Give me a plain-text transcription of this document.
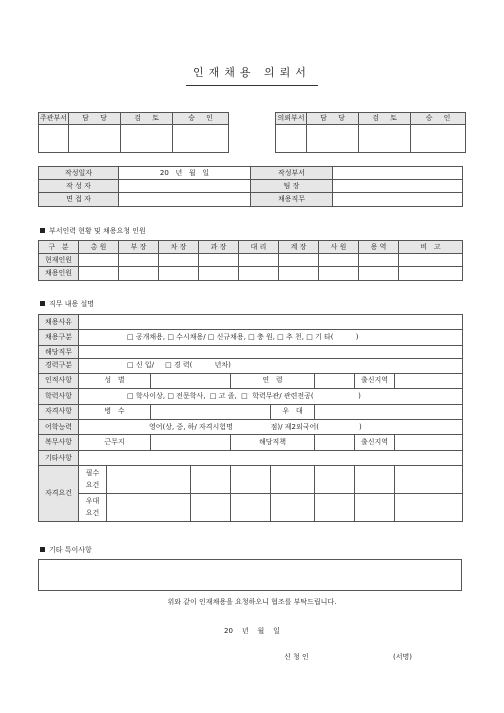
인재채용 의뢰서
주관부서	담 당	검 토	승 인
				의뢰부서	담 당	검 토	승 인

작성일자	20   년   월   일	작성부서	
작 성 자		팀 장	
면 접 자		채용직무	
부서인력 현황 및 채용요청 인원
구   분	총 원	부 장	차 장	과 장	대 리	계 장	사 원	용 역	비   고
현재인원									
채용인원									
직무 내용 설명
채용사유									
채용구분	□ 공개채용, □ 수시채용/ □ 신규채용, □ 충 원, □ 추 천, □ 기 타(          )								
해당직무									
경력구분	□ 신 입/     □ 경 력(          년차)								
인적사항	성   별				연   령			출신지역	
학력사항	□ 학사이상, □ 전문학사,  □ 고 졸,  □  학력무관/ 관련전공(                    )								
자격사항	병   수					우   대			
어학능력	영어(상, 중, 하/ 자격시험명                 점)/ 제2외국어(                  )								
복무사항	근무지				해당직책			출신지역	
기타사항									
자격요건	필수
요건								
	우대
요건								
기타 특이사항
위와 같이 인재채용을 요청하오니 협조를 부탁드립니다.
20    년    월    일
신 청 인	(서명)
